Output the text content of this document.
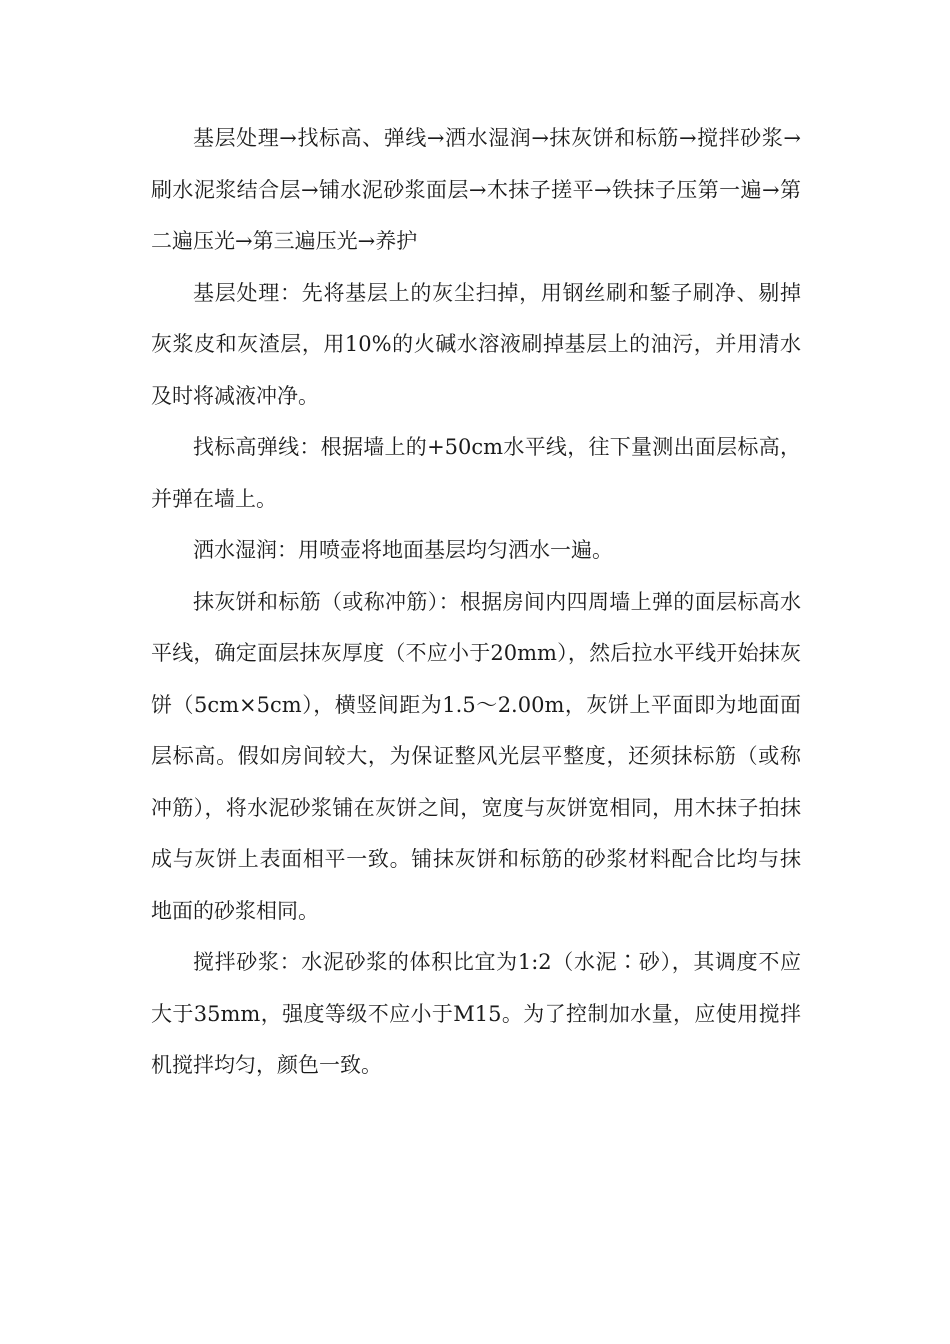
基层处理→找标高、弹线→洒水湿润→抹灰饼和标筋→搅拌砂浆→刷水泥浆结合层→铺水泥砂浆面层→木抹子搓平→铁抹子压第一遍→第二遍压光→第三遍压光→养护

基层处理：先将基层上的灰尘扫掉，用钢丝刷和錾子刷净、剔掉灰浆皮和灰渣层，用10%的火碱水溶液刷掉基层上的油污，并用清水及时将减液冲净。

找标高弹线：根据墙上的+50cm水平线，往下量测出面层标高，并弹在墙上。

洒水湿润：用喷壶将地面基层均匀洒水一遍。

抹灰饼和标筋（或称冲筋）：根据房间内四周墙上弹的面层标高水平线，确定面层抹灰厚度（不应小于20mm），然后拉水平线开始抹灰饼（5cm×5cm），横竖间距为1.5～2.00m，灰饼上平面即为地面面层标高。假如房间较大，为保证整风光层平整度，还须抹标筋（或称冲筋），将水泥砂浆铺在灰饼之间，宽度与灰饼宽相同，用木抹子拍抹成与灰饼上表面相平一致。铺抹灰饼和标筋的砂浆材料配合比均与抹地面的砂浆相同。

搅拌砂浆：水泥砂浆的体积比宜为1:2（水泥∶砂），其调度不应大于35mm，强度等级不应小于M15。为了控制加水量，应使用搅拌机搅拌均匀，颜色一致。
